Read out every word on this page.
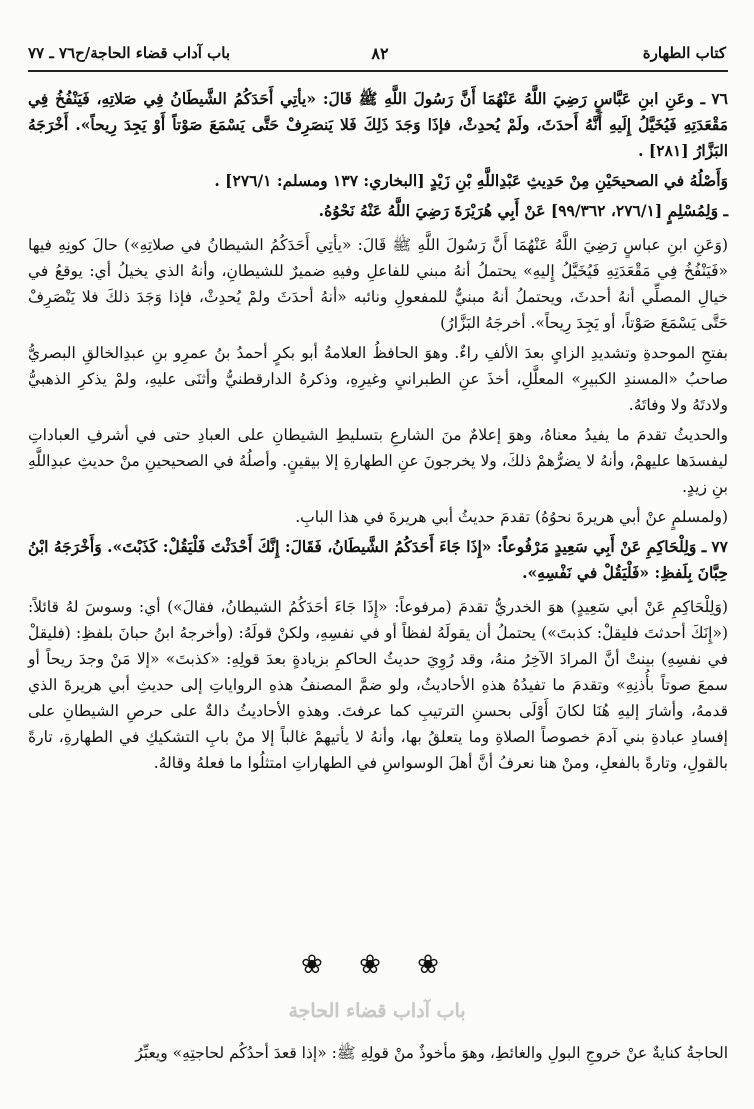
كتاب الطهارة
٨٢
باب آداب قضاء الحاجة/ح٧٦ ـ ٧٧

٧٦ ـ وعَنِ ابنِ عَبَّاسٍ رَضِيَ اللَّهُ عَنْهُمَا أَنَّ رَسُولَ اللَّهِ ﷺ قَالَ: «يأتِي أَحَدَكُمُ الشَّيطَانُ فِي صَلاتِهِ، فَيَنْفُخُ فِي مَقْعَدَتِهِ فَيُخَيَّلُ إِلَيهِ أَنَّهُ أَحدَثَ، ولَمْ يُحدِثْ، فإذَا وَجَدَ ذَلِكَ فَلا يَنصَرِفْ حَتَّى يَسْمَعَ صَوْتاً أَوْ يَجِدَ رِيحاً». أَخْرَجَهُ البَزَّارُ [٢٨١] .

وَأَصْلُهُ في الصحيحَيْنِ مِنْ حَدِيثِ عَبْدِاللَّهِ بْنِ زَيْدٍ [البخاري: ١٣٧ ومسلم: ٢٧٦/١] .

ـ وَلِمُسْلِمٍ [٢٧٦/١، ٩٩/٣٦٢] عَنْ أَبِي هُرَيْرَةَ رَضِيَ اللَّهُ عَنْهُ نَحْوُهُ.

(وَعَنِ ابنِ عباسٍ رَضِيَ اللَّهُ عَنْهُمَا أَنَّ رَسُولَ اللَّهِ ﷺ قَالَ: «يأتِي أَحَدَكُمُ الشيطانُ في صلاتِهِ») حالَ كونِهِ فيها «فَيَنْفُخُ فِي مَقْعَدَتِهِ فَيُخَيَّلُ إِليهِ» يحتملُ أنهُ مبني للفاعلِ وفيهِ ضميرٌ للشيطانِ، وأنهُ الذي يخيلُ أي: يوقعُ في خيالِ المصلِّي أنهُ أحدثَ، ويحتملُ أنهُ مبنيٌّ للمفعولِ ونائبه «أنهُ أحدَثَ ولمْ يُحدِثْ، فإذا وَجَدَ ذلكَ فلا يَنْصَرِفْ حَتَّى يَسْمَعَ صَوْتاً، أو يَجِدَ رِيحاً». أخرجَهُ البَزَّارُ)

بفتحِ الموحدةِ وتشديدِ الزايِ بعدَ الألفِ راءٌ. وهوَ الحافظُ العلامةُ أبو بكرٍ أحمدُ بنُ عمرِو بنِ عبدِالخالقِ البصريُّ صاحبُ «المسندِ الكبيرِ» المعلَّلِ، أخذَ عنِ الطبرانيِ وغيرِهِ، وذكرهُ الدارقطنيُّ وأثنَى عليهِ، ولمْ يذكرِ الذهبيُّ ولادتَهُ ولا وفاتَهُ.

والحديثُ تقدمَ ما يفيدُ معناهُ، وهوَ إعلامٌ منَ الشارعِ بتسليطِ الشيطانِ على العبادِ حتى في أشرفِ العباداتِ ليفسدَها عليهمْ، وأنهُ لا يضرُّهمْ ذلكَ، ولا يخرجونَ عنِ الطهارةِ إلا بيقينٍ. وأصلُهُ في الصحيحينِ منْ حديثِ عبدِاللَّهِ بنِ زيدٍ.

(ولمسلمٍ عنْ أبي هريرةَ نحوُهُ) تقدمَ حديثُ أبي هريرةَ في هذا البابِ.

٧٧ ـ وَلِلْحَاكِمِ عَنْ أَبِي سَعِيدٍ مَرْفُوعاً: «إِذَا جَاءَ أَحَدَكُمُ الشَّيطَانُ، فَقَالَ: إِنَّكَ أَحْدَثْتَ فَلْيَقُلْ: كَذَبْتَ». وَأَخْرَجَهُ ابْنُ حِبَّانَ بِلَفظِ: «فَلْيَقُلْ في نَفْسِهِ».

(وَلِلْحَاكِمِ عَنْ أبي سَعِيدٍ) هوَ الخدريُّ تقدمَ (مرفوعاً: «إِذَا جَاءَ أحَدَكُمُ الشيطانُ، فقالَ») أي: وسوسَ لهُ قائلاً: («إِنَكَ أحدثتَ فليقلْ: كذبتَ») يحتملُ أن يقولَهُ لفظاً أو في نفسِهِ، ولكنْ قولَهُ: (وأخرجهُ ابنُ حبانَ بلفظِ: (فليقلْ في نفسِهِ) بينتْ أنَّ المرادَ الآخِرُ منهُ، وقد رُوِيَ حديثُ الحاكمِ بزيادةٍ بعدَ قولِهِ: «كذبتَ» «إلا مَنْ وجدَ ريحاً أو سمعَ صوتاً بأُذنِهِ» وتقدمَ ما تفيدُهُ هذهِ الأحاديثُ، ولو ضمَّ المصنفُ هذهِ الرواياتِ إلى حديثِ أبي هريرةَ الذي قدمهُ، وأشارَ إليهِ هُنَا لكانَ أَوْلَى بحسنِ الترتيبِ كما عرفتَ. وهذهِ الأحاديثُ دالةٌ على حرصِ الشيطانِ على إفسادِ عبادةِ بني آدمَ خصوصاً الصلاةِ وما يتعلقُ بها، وأنهُ لا يأتيهمْ غالباً إلا منْ بابِ التشكيكِ في الطهارةِ، تارةً بالقولِ، وتارةً بالفعلِ، ومنْ هنا نعرفُ أنَّ أهلَ الوسواسِ في الطهاراتِ امتثلُوا ما فعلهُ وقالهُ.

❀ ❀ ❀
باب آداب قضاء الحاجة
الحاجةُ كنايةٌ عنْ خروجِ البولِ والغائطِ، وهوَ مأخوذٌ منْ قولِهِ ﷺ: «إذا قعدَ أحدُكُم لحاجتِهِ» ويعبِّرُ
